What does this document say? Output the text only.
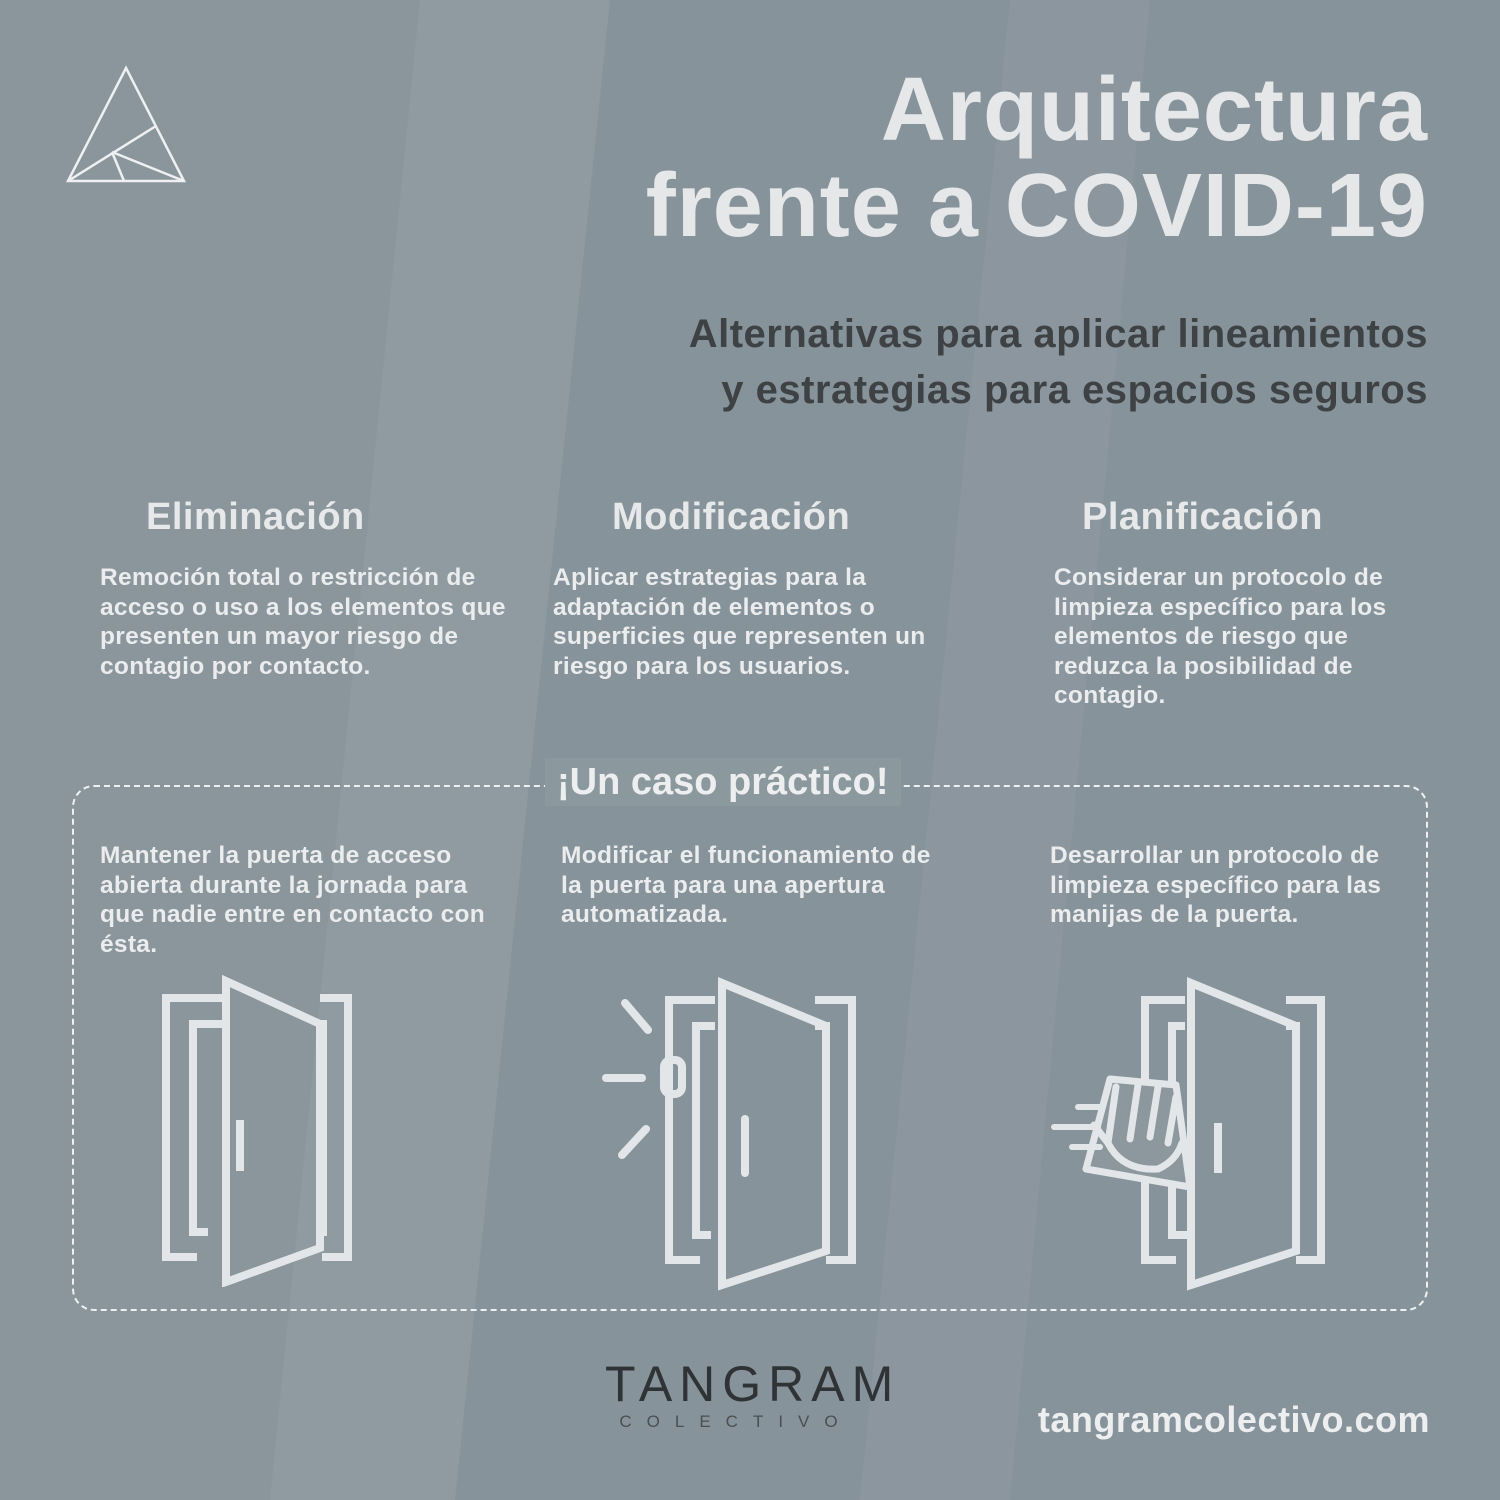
Arquitectura
frente a COVID-19
Alternativas para aplicar lineamientos
y estrategias para espacios seguros
Eliminación	Modificación	Planificación

Remoción total o restricción de acceso o uso a los elementos que presenten un mayor riesgo de contagio por contacto.

Aplicar estrategias para la adaptación de elementos o superficies que representen un riesgo para los usuarios.

Considerar un protocolo de limpieza específico para los elementos de riesgo que reduzca la posibilidad de contagio.

¡Un caso práctico!

Mantener la puerta de acceso abierta durante la jornada para que nadie entre en contacto con ésta.

Modificar el funcionamiento de la puerta para una apertura automatizada.

Desarrollar un protocolo de limpieza específico para las manijas de la puerta.

TANGRAM
COLECTIVO	tangramcolectivo.com
